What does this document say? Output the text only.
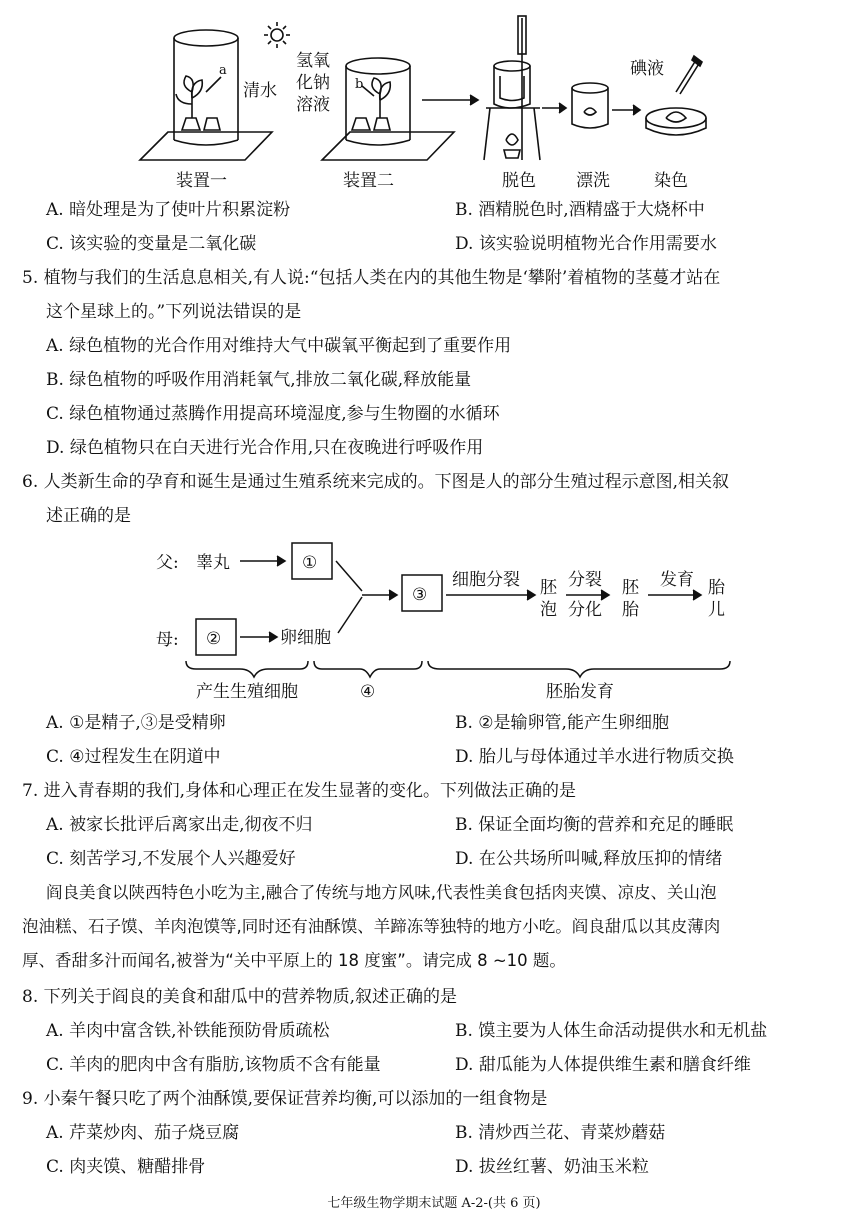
清水
a
b
氢氧
化钠
溶液
碘液
装置一	装置二	脱色 漂洗	染色
A. 暗处理是为了使叶片积累淀粉	B. 酒精脱色时,酒精盛于大烧杯中
C. 该实验的变量是二氧化碳	D. 该实验说明植物光合作用需要水
5. 植物与我们的生活息息相关,有人说:“包括人类在内的其他生物是‘攀附’着植物的茎蔓才站在
这个星球上的。”下列说法错误的是
A. 绿色植物的光合作用对维持大气中碳氧平衡起到了重要作用
B. 绿色植物的呼吸作用消耗氧气,排放二氧化碳,释放能量
C. 绿色植物通过蒸腾作用提高环境湿度,参与生物圈的水循环
D. 绿色植物只在白天进行光合作用,只在夜晚进行呼吸作用
6. 人类新生命的孕育和诞生是通过生殖系统来完成的。下图是人的部分生殖过程示意图,相关叙
述正确的是
父: 睾丸	①
母: ②	卵细胞
③
细胞分裂 胚
泡
分裂
分化
胚
胎
发育 胎
儿
产生生殖细胞	④	胚胎发育
A. ①是精子,③是受精卵	B. ②是输卵管,能产生卵细胞
C. ④过程发生在阴道中	D. 胎儿与母体通过羊水进行物质交换
7. 进入青春期的我们,身体和心理正在发生显著的变化。下列做法正确的是
A. 被家长批评后离家出走,彻夜不归	B. 保证全面均衡的营养和充足的睡眠
C. 刻苦学习,不发展个人兴趣爱好	D. 在公共场所叫喊,释放压抑的情绪
阎良美食以陕西特色小吃为主,融合了传统与地方风味,代表性美食包括肉夹馍、凉皮、关山泡
泡油糕、石子馍、羊肉泡馍等,同时还有油酥馍、羊蹄冻等独特的地方小吃。阎良甜瓜以其皮薄肉
厚、香甜多汁而闻名,被誉为“关中平原上的 18 度蜜”。请完成 8 ~10 题。
8. 下列关于阎良的美食和甜瓜中的营养物质,叙述正确的是
A. 羊肉中富含铁,补铁能预防骨质疏松	B. 馍主要为人体生命活动提供水和无机盐
C. 羊肉的肥肉中含有脂肪,该物质不含有能量	D. 甜瓜能为人体提供维生素和膳食纤维
9. 小秦午餐只吃了两个油酥馍,要保证营养均衡,可以添加的一组食物是
A. 芹菜炒肉、茄子烧豆腐	B. 清炒西兰花、青菜炒蘑菇
C. 肉夹馍、糖醋排骨	D. 拔丝红薯、奶油玉米粒
七年级生物学期末试题 A-2-(共 6 页)
